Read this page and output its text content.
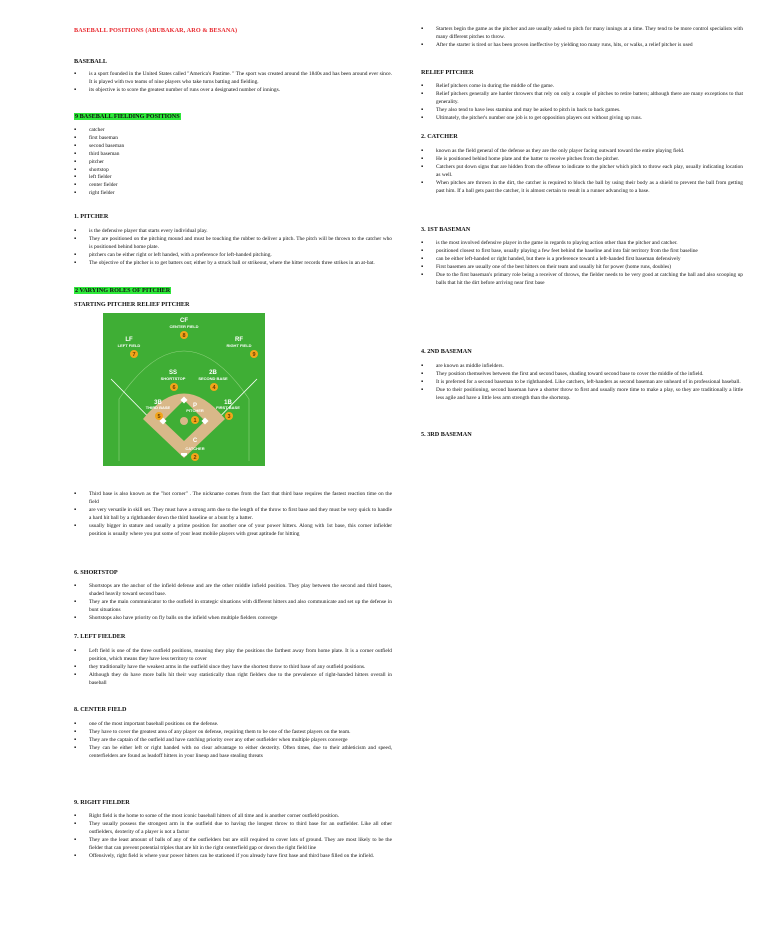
BASEBALL POSITIONS (ABUBAKAR, ARO & BESANA)
BASEBALL
▪ is a sport founded in the United States called "America's Pastime. " The sport was created around the 1840s and has been around ever since. It is played with two teams of nine players who take turns batting and fielding.
▪ its objective is to score the greatest number of runs over a designated number of innings.
9 BASEBALL FIELDING POSITIONS
▪ catcher
▪ first baseman
▪ second baseman
▪ third baseman
▪ pitcher
▪ shortstop
▪ left fielder
▪ center fielder
▪ right fielder
1. PITCHER
▪ is the defensive player that starts every individual play.
▪ They are positioned on the pitching mound and must be touching the rubber to deliver a pitch. The pitch will be thrown to the catcher who is positioned behind home plate.
▪ pitchers can be either right or left handed, with a preference for left-handed pitching.
▪ The objective of the pitcher is to get batters out; either by a struck ball or strikeout, where the hitter records three strikes in an at-bat.
2 VARYING ROLES OF PITCHER
STARTING PITCHER RELIEF PITCHER
▪ Third base is also known as the "hot corner" . The nickname comes from the fact that third base requires the fastest reaction time on the field
▪ are very versatile in skill set. They must have a strong arm due to the length of the throw to first base and they must be very quick to handle a hard hit ball by a righthander down the third baseline or a bunt by a batter.
▪ usually bigger in stature and usually a prime position for another one of your power hitters. Along with 1st base, this corner infielder position is usually where you put some of your least mobile players with great aptitude for hitting
6. SHORTSTOP
▪ Shortstops are the anchor of the infield defense and are the other middle infield position. They play between the second and third bases, shaded heavily toward second base.
▪ They are the main communicator to the outfield in strategic situations with different hitters and also communicate and set up the defense in bunt situations
▪ Shortstops also have priority on fly balls on the infield when multiple fielders converge
7. LEFT FIELDER
▪ Left field is one of the three outfield positions, meaning they play the positions the farthest away from home plate. It is a corner outfield position, which means they have less territory to cover
▪ they traditionally have the weakest arms in the outfield since they have the shortest throw to third base of any outfield positions.
▪ Although they do have more balls hit their way statistically than right fielders due to the prevalence of right-handed hitters overall in baseball
8. CENTER FIELD
▪ one of the most important baseball positions on the defense.
▪ They have to cover the greatest area of any player on defense, requiring them to be one of the fastest players on the team.
▪ They are the captain of the outfield and have catching priority over any other outfielder when multiple players converge
▪ They can be either left or right handed with no clear advantage to either dexterity. Often times, due to their athleticism and speed, centerfielders are found as leadoff hitters in your lineup and base stealing threats
9. RIGHT FIELDER
▪ Right field is the home to some of the most iconic baseball hitters of all time and is another corner outfield position.
▪ They usually possess the strongest arm in the outfield due to having the longest throw to third base for an outfielder. Like all other outfielders, dexterity of a player is not a factor
▪ They are the least amount of balls of any of the outfielders but are still required to cover lots of ground. They are most likely to be the fielder that can prevent potential triples that are hit in the right centerfield gap or down the right field line
▪ Offensively, right field is where your power hitters can be stationed if you already have first base and third base filled on the infield.
CF
CENTER FIELD
8
LF
LEFT FIELD
7
RF
RIGHT FIELD
9
SS
SHORTSTOP
6
2B
SECOND BASE
4
3B
THIRD BASE
5
1B
FIRST BASE
3
P
PITCHER
1
C
CATCHER
2
▪ Starters begin the game as the pitcher and are usually asked to pitch for many innings at a time. They tend to be more control specialists with many different pitches to throw.
▪ After the starter is tired or has been proven ineffective by yielding too many runs, hits, or walks, a relief pitcher is used
RELIEF PITCHER
▪ Relief pitchers come in during the middle of the game.
▪ Relief pitchers generally are harder throwers that rely on only a couple of pitches to retire batters; although there are many exceptions to that generality.
▪ They also tend to have less stamina and may be asked to pitch in back to back games.
▪ Ultimately, the pitcher's number one job is to get opposition players out without giving up runs.
2. CATCHER
▪ known as the field general of the defense as they are the only player facing outward toward the entire playing field.
▪ He is positioned behind home plate and the batter to receive pitches from the pitcher.
▪ Catchers put down signs that are hidden from the offense to indicate to the pitcher which pitch to throw each play, usually indicating location as well.
▪ When pitches are thrown in the dirt, the catcher is required to block the ball by using their body as a shield to prevent the ball from getting past him. If a ball gets past the catcher, it is almost certain to result in a runner advancing to a base.
3. 1ST BASEMAN
▪ is the most involved defensive player in the game in regards to playing action other than the pitcher and catcher.
▪ positioned closest to first base, usually playing a few feet behind the baseline and into fair territory from the first baseline
▪ can be either left-handed or right handed, but there is a preference toward a left-handed first baseman defensively
▪ First basemen are usually one of the best hitters on their team and usually hit for power (home runs, doubles)
▪ Due to the first baseman's primary role being a receiver of throws, the fielder needs to be very good at catching the ball and also scooping up balls that hit the dirt before arriving near first base
4. 2ND BASEMAN
▪ are known as middle infielders.
▪ They position themselves between the first and second bases, shading toward second base to cover the middle of the infield.
▪ It is preferred for a second baseman to be righthanded. Like catchers, left-handers as second baseman are unheard of in professional baseball.
▪ Due to their positioning, second baseman have a shorter throw to first and usually more time to make a play, so they are traditionally a little less agile and have a little less arm strength than the shortstop.
5. 3RD BASEMAN
